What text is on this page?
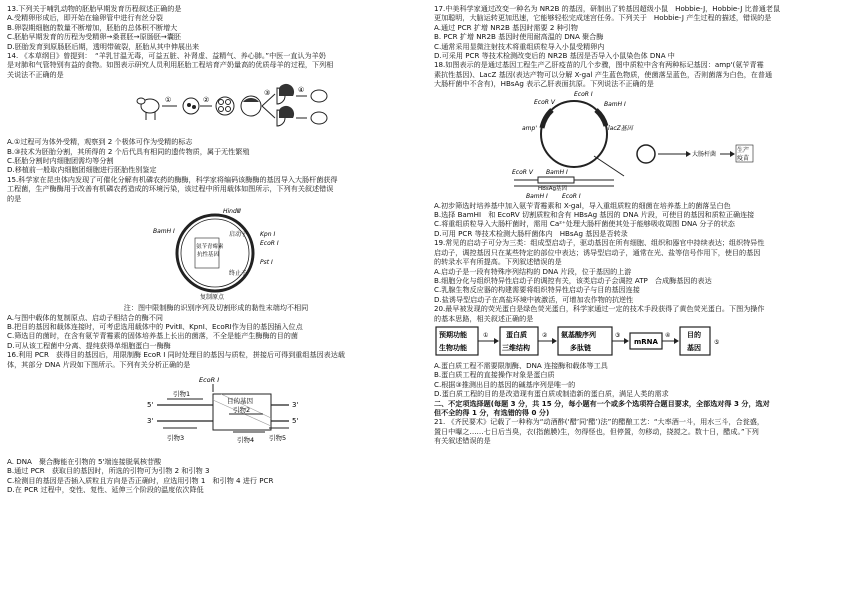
13.下列关于哺乳动物的胚胎早期发育历程叙述正确的是
A.受精卵形成后，即开始在输卵管中进行有丝分裂
B.卵裂期细胞的数量不断增加，胚胎的总体积不断增大
C.胚胎早期发育的历程为受精卵→桑葚胚→原肠胚→囊胚
D.胚胎发育到原肠胚后期，透明带破裂，胚胎从其中伸展出来
14. 《本草纲目》曾提到：　“羊乳甘温无毒，可益五脏、补肾虚、益精气、养心肺。”中医一直认为羊奶
是对肺和气管特别有益的食物。如图表示研究人员利用胚胎工程培育产奶量高的优质母羊的过程，下列相
关说法不正确的是
①	②
③	④
A.①过程可为体外受精，观察到 2 个极体可作为受精的标志
B.③技术为胚胎分割，其所得的 2 个后代具有相同的遗传物质，属于无性繁殖
C.胚胎分割时内细胞团需均等分割
D.移植前一般取内细胞团细胞进行胚胎性别鉴定
15.科学家在昆虫体内发现了可催化分解有机磷农药的酶酶，科学家将编码该酶酶的基因导入大肠杆菌获得
工程菌，生产酶酶用于改善有机磷农药造成的环境污染，该过程中所用载体如图所示，下列有关叙述错误
的是
HindⅢ
BamH I	Kpn I
EcoR I
Pst I
启动子
氨苄青霉素
抗性基因
终止子
复制原点
注：图中限制酶的识别序列及切割形成的黏性末端均不相同
A.与图中载体的复制原点、启动子相结合的酶不同
B.把目的基因和载体连接时，可考虑选用载体中的 PvitⅡ、KpnⅠ、EcoRⅠ作为目的基因插入位点
C.筛选目的菌时，在含有氨苄青霉素的固体培养基上长出的菌落，不全是能产生酶酶的目的菌
D.可从该工程菌中分离、提纯获得单细胞蛋白一酶酶
16.利用 PCR　获得目的基因后，用限制酶 EcoR I 同时处理目的基因与质粒，拼接后可得到重组基因表达载
体，其部分 DNA 片段如下图所示。下列有关分析正确的是
EcoR I
5'	3'
3'	5'
目的基因
引物1
引物2
引物3	引物4 引物5
A. DNA　聚合酶能在引物的 5'端连接脱氧核苷酸
B.通过 PCR　获取目的基因时，所选的引物可为引物 2 和引物 3
C.检测目的基因是否插入质粒且方向是否正确时，应选用引物 1　和引物 4 进行 PCR
D.在 PCR 过程中，变性、复性、延伸三个阶段的温度依次降低
17.中美科学家通过改变一种名为 NR2B 的基因，研制出了转基因超级小鼠　Hobbie-J，Hobbie-J 比普通老鼠
更加聪明，大脑运转更加迅速，它能够轻松完成迷宫任务。下列关于　Hobbie-J 产生过程的描述，错误的是
A.通过 PCR 扩增 NR2B 基因时需要 2 种引物
B. PCR 扩增 NR2B 基因时使用耐高温的 DNA 聚合酶
C.通常采用显微注射技术将重组质粒导入小鼠受精卵内
D.可采用 PCR 等技术检测改变后的 NR2B 基因是否导入小鼠染色体 DNA 中
18.如图表示的是通过基因工程生产乙肝疫苗的几个步骤，图中质粒中含有两种标记基因：amp'(氨苄青霉
素抗性基因)、LacZ 基因(表达产物可以分解 X-gal 产生蓝色物质，使菌落呈蓝色，否则菌落为白色，在普通
大肠杆菌中不含有)，HBsAg 表示乙肝表面抗原。下列说法不正确的是
EcoR I
EcoR V	BamH I
amp'	lacZ基因
EcoR V BamH I
HBsAg基因
BamH I EcoR I
大肠杆菌
生产
疫苗
A.初步筛选时培养基中加入氨苄青霉素和 X-gal，导入重组质粒的细菌在培养基上的菌落呈白色
B.选择 BamHI　和 EcoRV 切割质粒和含有 HBsAg 基因的 DNA 片段，可使目的基因和质粒正确连接
C.将重组质粒导入大肠杆菌时，需用 Ca²⁺处理大肠杆菌使其处于能够吸收周围 DNA 分子的状态
D.可用 PCR 等技术检测大肠杆菌体内　HBsAg 基因是否转录
19.常见的启动子可分为三类：组成型启动子，驱动基因在所有细胞、组织和器官中持续表达；组织特异性
启动子，调控基因只在某些特定的部位中表达；诱导型启动子，通常在光、盐等信号作用下，使目的基因
的转录水平有所提高。下列叙述错误的是
A.启动子是一段有特殊序列结构的 DNA 片段，位于基因的上游
B.细胞分化与组织特异性启动子的调控有关，该类启动子会调控 ATP　合成酶基因的表达
C.乳腺生物反应器的构建需要将组织特异性启动子与目的基因连接
D.盐诱导型启动子在高盐环境中被激活，可增加农作物的抗逆性
20.最早被发现的荧光蛋白是绿色荧光蛋白，科学家通过一定的技术手段获得了黄色荧光蛋白。下图为操作
的基本思路，相关叙述正确的是
预期功能
生物功能
①	蛋白质
三维结构
② 氨基酸序列
多肽链
③
mRNA
④ 目的
基因
⑤
A.蛋白质工程不需要限制酶、DNA 连接酶和载体等工具
B.蛋白质工程的直接操作对象是蛋白质
C.根据③推测出目的基因的碱基序列是唯一的
D.蛋白质工程的目的是改造现有蛋白质或制造新的蛋白质，满足人类的需求
二、不定项选择题(每题 3 分，共 15 分，每小题有一个或多个选项符合题目要求，全部选对得 3 分，选对
但不全的得 1 分，有选错的得 0 分)
21. 《齐民要术》记载了一种称为“动酒酢(‘醋’同‘醋’)法”的醋酿工艺：“大率酒一斗，用水三斗，合瓮盛，
置日中曝之……七日后当臭，衣(指菌膜)生，勿得怪也，但停置，勿移动，挠搅之。数十日，醋成。”下列
有关叙述错误的是
